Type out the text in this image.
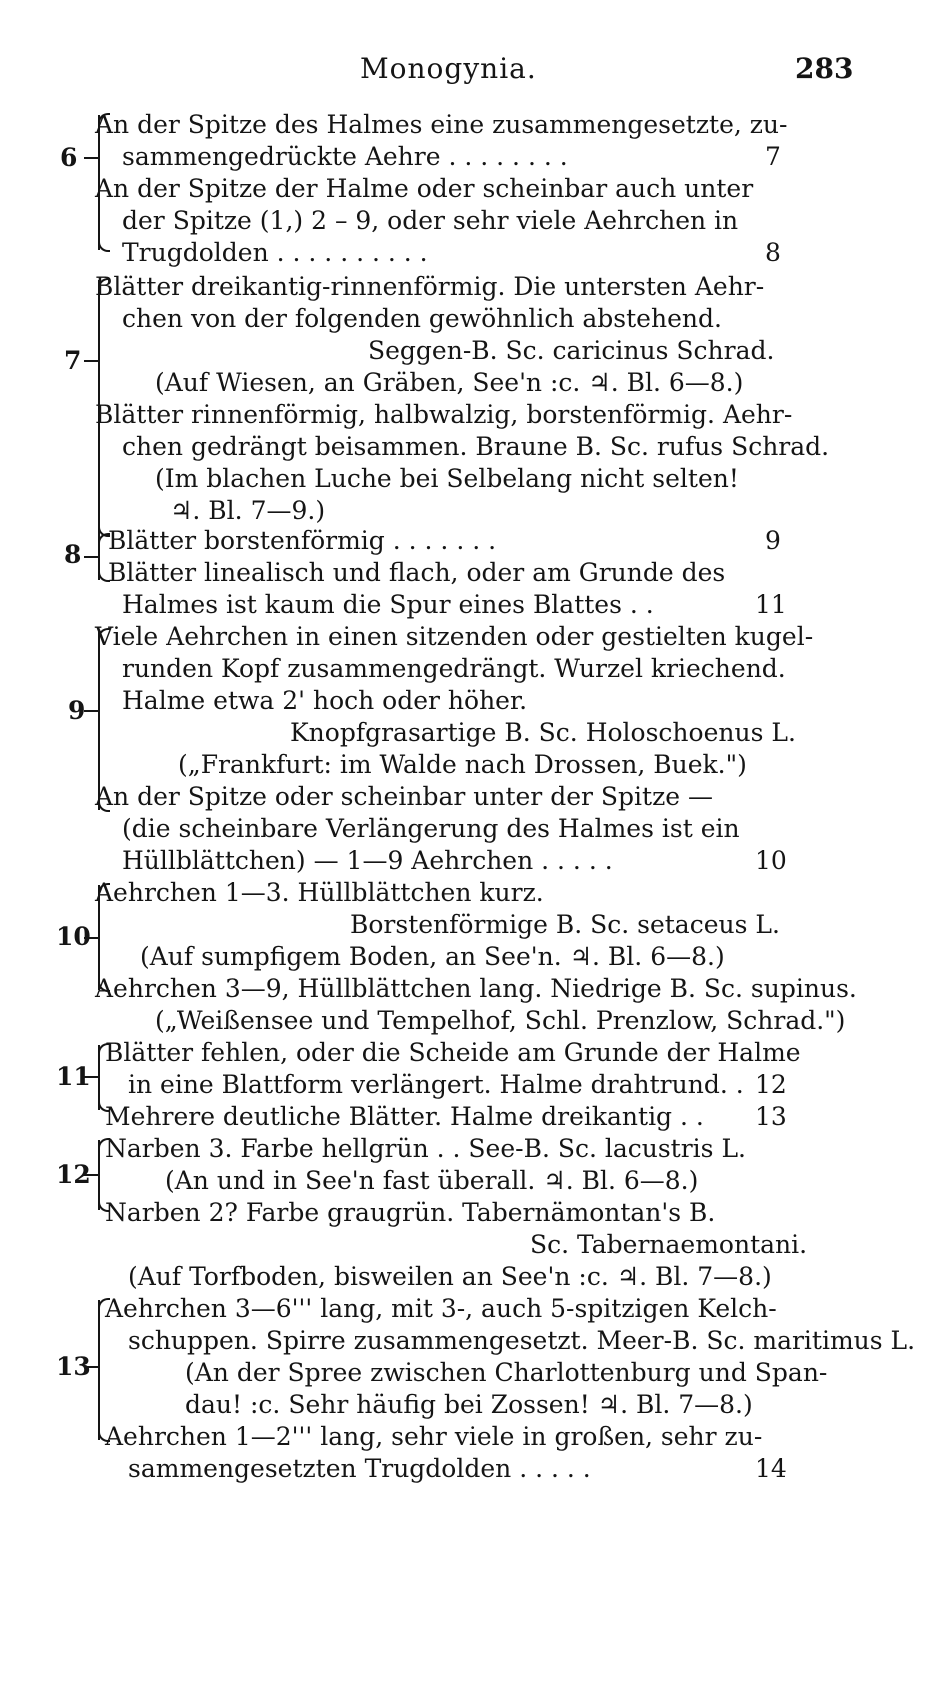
Monogynia.	283
6
An der Spitze des Halmes eine zusammengesetzte, zu-
sammengedrückte Aehre . . . . . . . .	7
An der Spitze der Halme oder scheinbar auch unter
der Spitze (1,) 2 – 9, oder sehr viele Aehrchen in
Trugdolden . . . . . . . . . .	8
7
Blätter dreikantig-rinnenförmig. Die untersten Aehr-
chen von der folgenden gewöhnlich abstehend.
Seggen-B. Sc. caricinus Schrad.
(Auf Wiesen, an Gräben, See'n :c. ♃. Bl. 6—8.)
Blätter rinnenförmig, halbwalzig, borstenförmig. Aehr-
chen gedrängt beisammen. Braune B. Sc. rufus Schrad.
(Im blachen Luche bei Selbelang nicht selten!
♃. Bl. 7—9.)
8 Blätter borstenförmig . . . . . . .	9
Blätter linealisch und flach, oder am Grunde des
Halmes ist kaum die Spur eines Blattes . .	11
9
Viele Aehrchen in einen sitzenden oder gestielten kugel-
runden Kopf zusammengedrängt. Wurzel kriechend.
Halme etwa 2' hoch oder höher.
Knopfgrasartige B. Sc. Holoschoenus L.
(„Frankfurt: im Walde nach Drossen, Buek.")
An der Spitze oder scheinbar unter der Spitze —
(die scheinbare Verlängerung des Halmes ist ein
Hüllblättchen) — 1—9 Aehrchen . . . . .	10
10
Aehrchen 1—3. Hüllblättchen kurz.
Borstenförmige B. Sc. setaceus L.
(Auf sumpfigem Boden, an See'n. ♃. Bl. 6—8.)
Aehrchen 3—9, Hüllblättchen lang. Niedrige B. Sc. supinus.
(„Weißensee und Tempelhof, Schl. Prenzlow, Schrad.")
11
Blätter fehlen, oder die Scheide am Grunde der Halme
in eine Blattform verlängert. Halme drahtrund. . 12
Mehrere deutliche Blätter. Halme dreikantig . . 13
12
Narben 3. Farbe hellgrün . . See-B. Sc. lacustris L.
(An und in See'n fast überall. ♃. Bl. 6—8.)
Narben 2? Farbe graugrün. Tabernämontan's B.
Sc. Tabernaemontani.
(Auf Torfboden, bisweilen an See'n :c. ♃. Bl. 7—8.)
13
Aehrchen 3—6''' lang, mit 3-, auch 5-spitzigen Kelch-
schuppen. Spirre zusammengesetzt. Meer-B. Sc. maritimus L.
(An der Spree zwischen Charlottenburg und Span-
dau! :c. Sehr häufig bei Zossen! ♃. Bl. 7—8.)
Aehrchen 1—2''' lang, sehr viele in großen, sehr zu-
sammengesetzten Trugdolden . . . . .	14
